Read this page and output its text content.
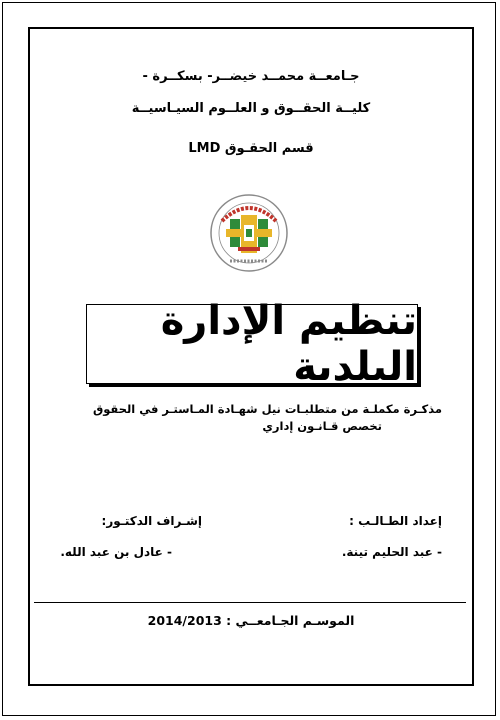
جـامعــة محمــد خيضــر- بسكــرة -
كليــة الحقــوق و العلــوم السيـاسيــة
قسم الحقـوق LMD
تنظيم الإدارة البلدية
مذكـرة مكملـة من متطلبـات نيل شهـادة المـاستـر في الحقوق
تخصص قـانـون إداري
إعداد الطـالـب :
إشـراف الدكتـور:
- عبد الحليم تينة.
- عادل بن عبد الله.
الموسـم الجـامعــي : 2014/2013
